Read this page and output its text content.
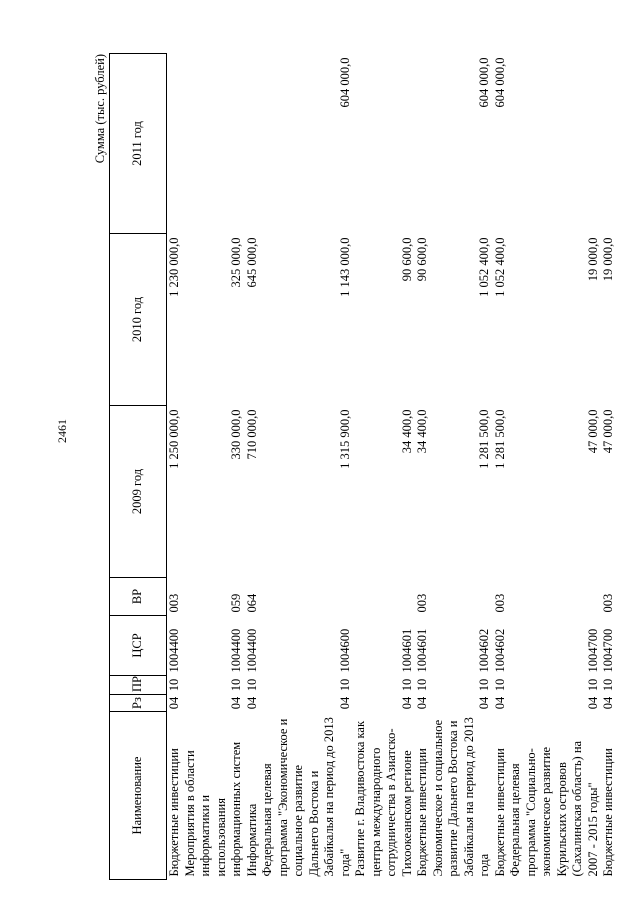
2461
Сумма (тыс. рублей)
Наименование	Рз	ПР	ЦСР	ВР	2009 год	2010 год	2011 год
Бюджетные инвестиции	04	10	1004400	003	1 250 000,0	1 230 000,0	
Мероприятия в области информатики и использования информационных систем	04	10	1004400	059	330 000,0	325 000,0	
Информатика	04	10	1004400	064	710 000,0	645 000,0	
Федеральная целевая программа "Экономическое и социальное развитие Дальнего Востока и Забайкалья на период до 2013 года"	04	10	1004600		1 315 900,0	1 143 000,0	604 000,0
Развитие г. Владивостока как центра международного сотрудничества в Азиатско-Тихоокеанском регионе	04	10	1004601		34 400,0	90 600,0	
Бюджетные инвестиции	04	10	1004601	003	34 400,0	90 600,0	
Экономическое и социальное развитие Дальнего Востока и Забайкалья на период до 2013 года	04	10	1004602		1 281 500,0	1 052 400,0	604 000,0
Бюджетные инвестиции	04	10	1004602	003	1 281 500,0	1 052 400,0	604 000,0
Федеральная целевая программа "Социально-экономическое развитие Курильских островов (Сахалинская область) на 2007 - 2015 годы"	04	10	1004700		47 000,0	19 000,0	
Бюджетные инвестиции	04	10	1004700	003	47 000,0	19 000,0	
